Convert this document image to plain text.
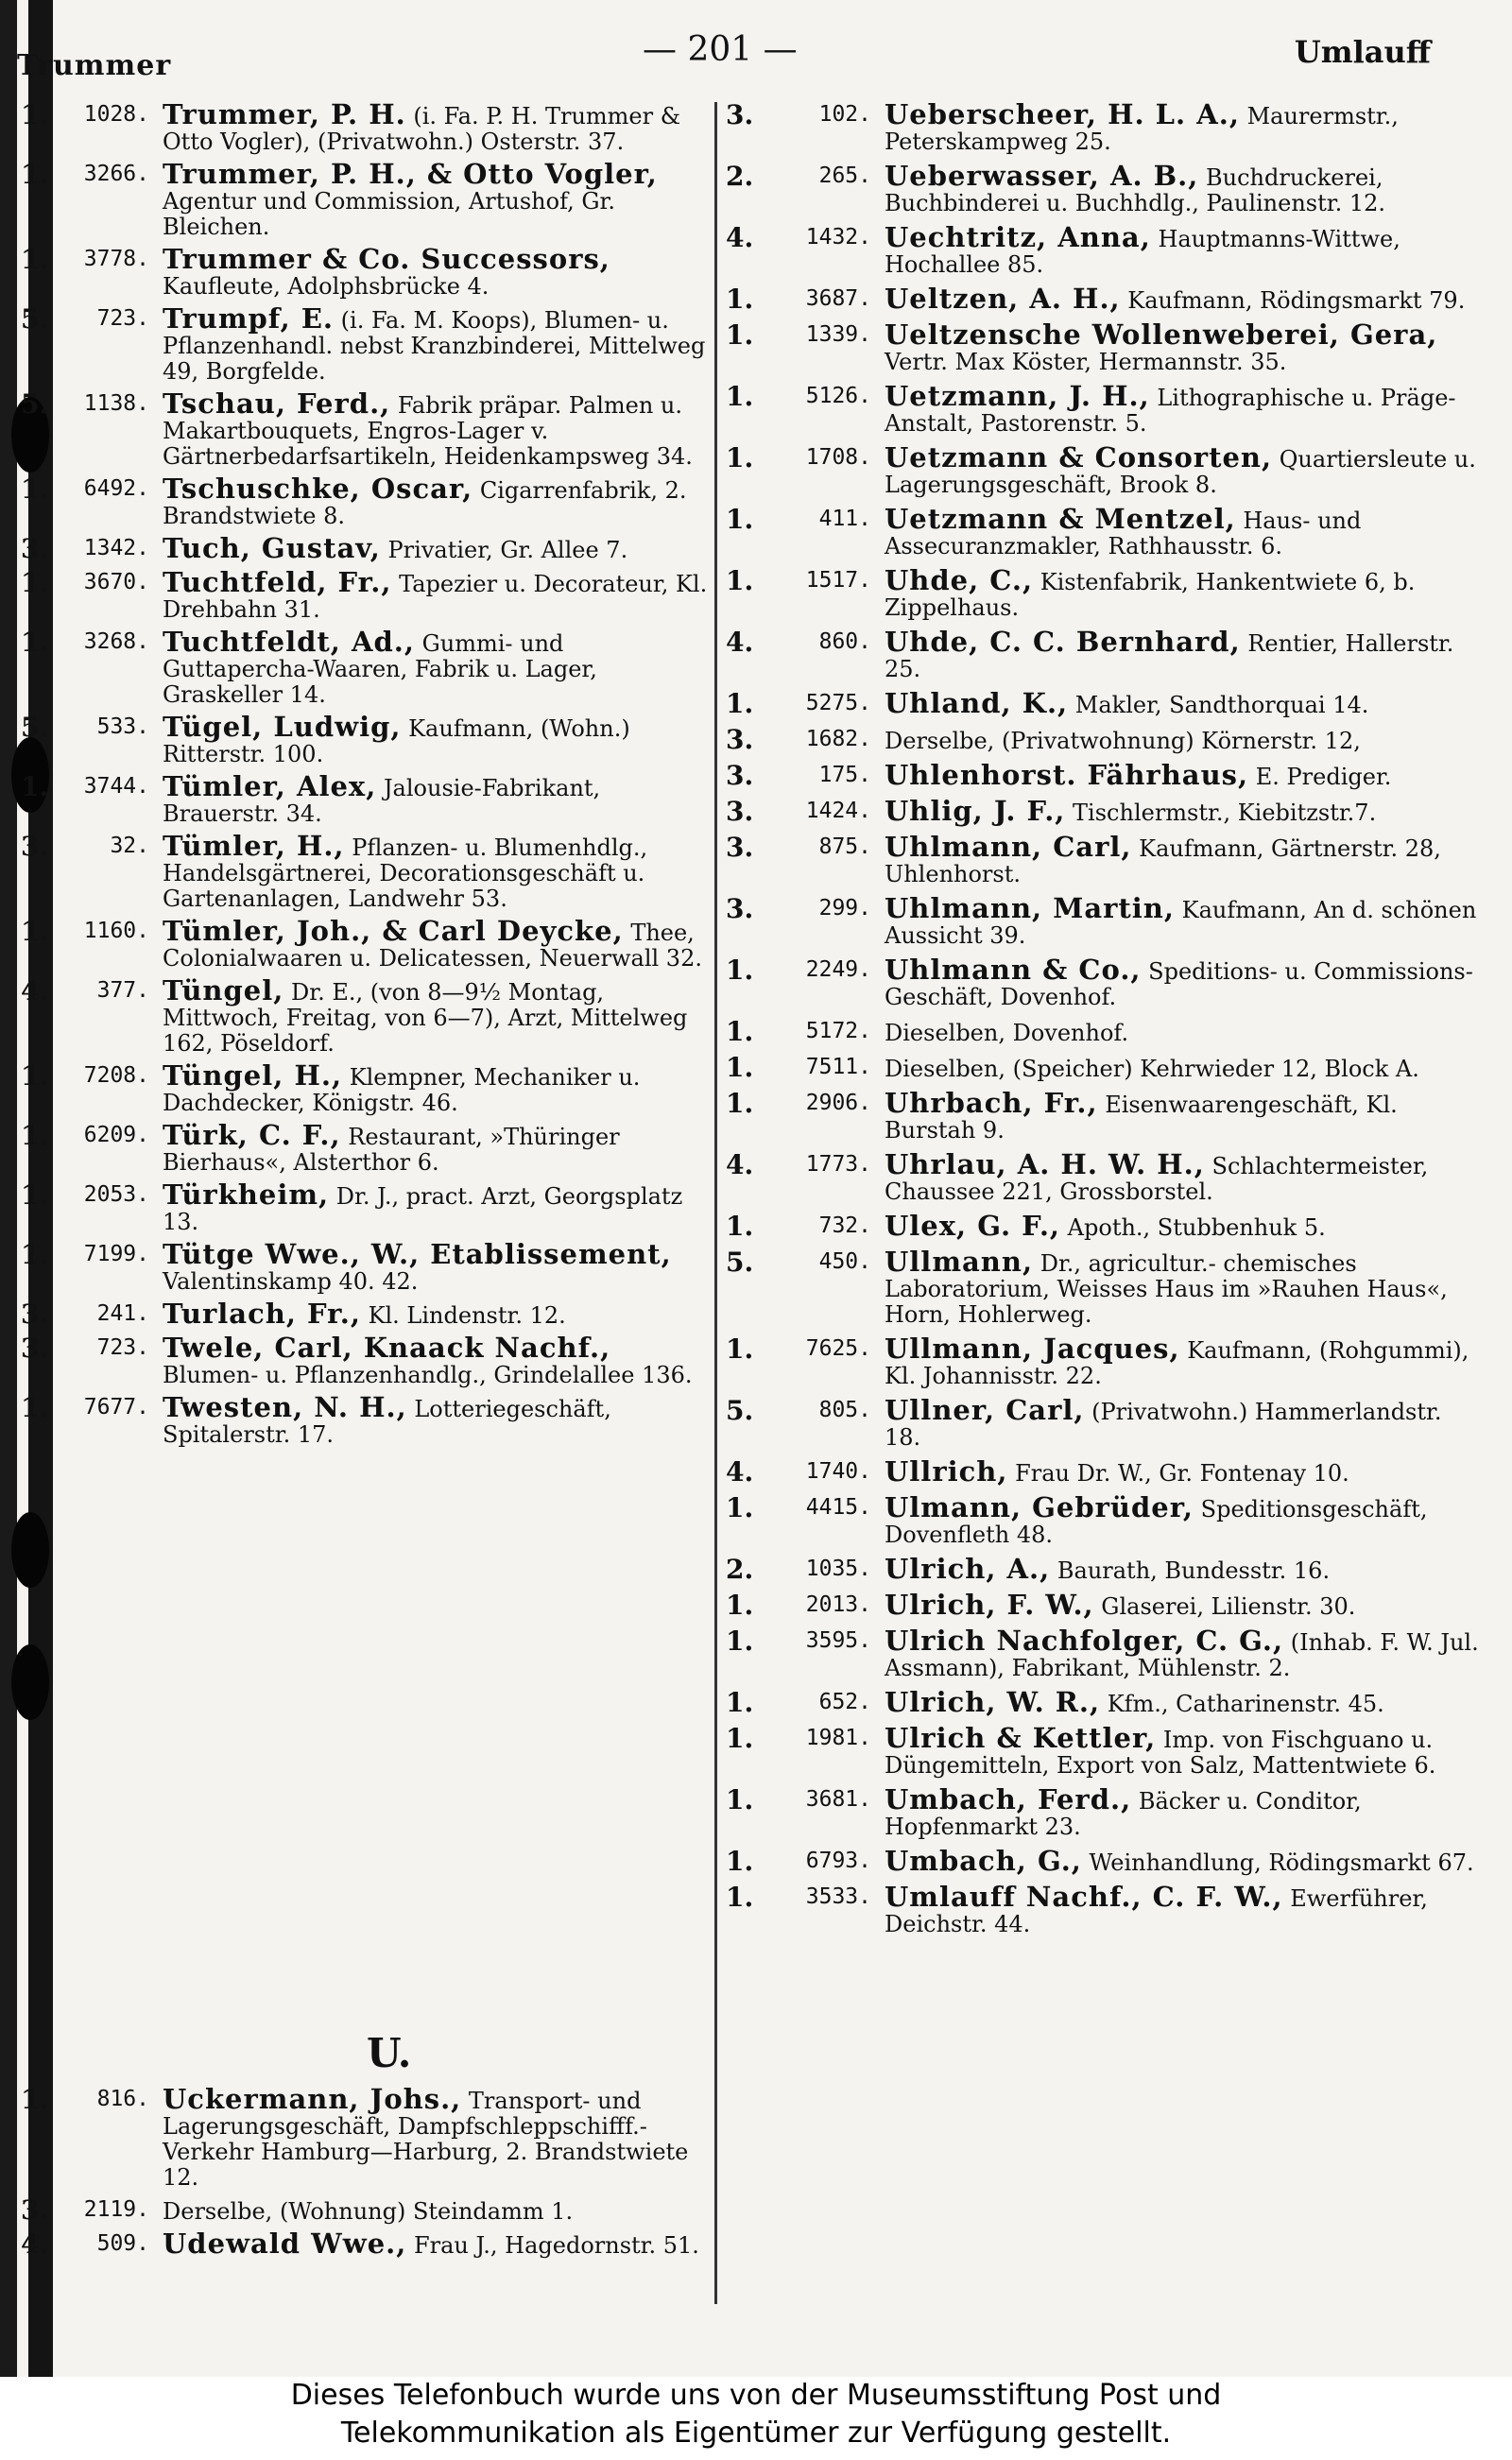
Trummer	— 201 —	Umlauff
1.	1028. Trummer, P. H. (i. Fa. P. H. Trummer & Otto Vogler), (Privatwohn.) Osterstr. 37.
1.	3266. Trummer, P. H., & Otto Vogler, Agentur und Commission, Artushof, Gr. Bleichen.
1.	3778. Trummer & Co. Successors, Kaufleute, Adolphsbrücke 4.
5.	723. Trumpf, E. (i. Fa. M. Koops), Blumen- u. Pflanzenhandl. nebst Kranzbinderei, Mittelweg 49, Borgfelde.
5.	1138. Tschau, Ferd., Fabrik präpar. Palmen u. Makartbouquets, Engros-Lager v. Gärtnerbedarfsartikeln, Heidenkampsweg 34.
1.	6492. Tschuschke, Oscar, Cigarrenfabrik, 2. Brandstwiete 8.
3.	1342. Tuch, Gustav, Privatier, Gr. Allee 7.
1.	3670. Tuchtfeld, Fr., Tapezier u. Decorateur, Kl. Drehbahn 31.
1.	3268. Tuchtfeldt, Ad., Gummi- und Guttapercha-Waaren, Fabrik u. Lager, Graskeller 14.
5.	533. Tügel, Ludwig, Kaufmann, (Wohn.) Ritterstr. 100.
1.	3744. Tümler, Alex, Jalousie-Fabrikant, Brauerstr. 34.
3.	32. Tümler, H., Pflanzen- u. Blumenhdlg., Handelsgärtnerei, Decorationsgeschäft u. Gartenanlagen, Landwehr 53.
1.	1160. Tümler, Joh., & Carl Deycke, Thee, Colonialwaaren u. Delicatessen, Neuerwall 32.
4.	377. Tüngel, Dr. E., (von 8—9½ Montag, Mittwoch, Freitag, von 6—7), Arzt, Mittelweg 162, Pöseldorf.
1.	7208. Tüngel, H., Klempner, Mechaniker u. Dachdecker, Königstr. 46.
1.	6209. Türk, C. F., Restaurant, »Thüringer Bierhaus«, Alsterthor 6.
1.	2053. Türkheim, Dr. J., pract. Arzt, Georgsplatz 13.
1.	7199. Tütge Wwe., W., Etablissement, Valentinskamp 40. 42.
3.	241. Turlach, Fr., Kl. Lindenstr. 12.
3.	723. Twele, Carl, Knaack Nachf., Blumen- u. Pflanzenhandlg., Grindelallee 136.
1.	7677. Twesten, N. H., Lotteriegeschäft, Spitalerstr. 17.
U.
1.	816. Uckermann, Johs., Transport- und Lagerungsgeschäft, Dampfschleppschifff.-Verkehr Hamburg—Harburg, 2. Brandstwiete 12.
3.	2119. Derselbe, (Wohnung) Steindamm 1.
4.	509. Udewald Wwe., Frau J., Hagedornstr. 51.
3.	102. Ueberscheer, H. L. A., Maurermstr., Peterskampweg 25.
2.	265. Ueberwasser, A. B., Buchdruckerei, Buchbinderei u. Buchhdlg., Paulinenstr. 12.
4.	1432. Uechtritz, Anna, Hauptmanns-Wittwe, Hochallee 85.
1.	3687. Ueltzen, A. H., Kaufmann, Rödingsmarkt 79.
1.	1339. Ueltzensche Wollenweberei, Gera, Vertr. Max Köster, Hermannstr. 35.
1.	5126. Uetzmann, J. H., Lithographische u. Präge-Anstalt, Pastorenstr. 5.
1.	1708. Uetzmann & Consorten, Quartiersleute u. Lagerungsgeschäft, Brook 8.
1.	411. Uetzmann & Mentzel, Haus- und Assecuranzmakler, Rathhausstr. 6.
1.	1517. Uhde, C., Kistenfabrik, Hankentwiete 6, b. Zippelhaus.
4.	860. Uhde, C. C. Bernhard, Rentier, Hallerstr. 25.
1.	5275. Uhland, K., Makler, Sandthorquai 14.
3.	1682. Derselbe, (Privatwohnung) Körnerstr. 12,
3.	175. Uhlenhorst. Fährhaus, E. Prediger.
3.	1424. Uhlig, J. F., Tischlermstr., Kiebitzstr.7.
3.	875. Uhlmann, Carl, Kaufmann, Gärtnerstr. 28, Uhlenhorst.
3.	299. Uhlmann, Martin, Kaufmann, An d. schönen Aussicht 39.
1.	2249. Uhlmann & Co., Speditions- u. Commissions-Geschäft, Dovenhof.
1.	5172. Dieselben, Dovenhof.
1.	7511. Dieselben, (Speicher) Kehrwieder 12, Block A.
1.	2906. Uhrbach, Fr., Eisenwaarengeschäft, Kl. Burstah 9.
4.	1773. Uhrlau, A. H. W. H., Schlachtermeister, Chaussee 221, Grossborstel.
1.	732. Ulex, G. F., Apoth., Stubbenhuk 5.
5.	450. Ullmann, Dr., agricultur.- chemisches Laboratorium, Weisses Haus im »Rauhen Haus«, Horn, Hohlerweg.
1.	7625. Ullmann, Jacques, Kaufmann, (Rohgummi), Kl. Johannisstr. 22.
5.	805. Ullner, Carl, (Privatwohn.) Hammerlandstr. 18.
4.	1740. Ullrich, Frau Dr. W., Gr. Fontenay 10.
1.	4415. Ulmann, Gebrüder, Speditionsgeschäft, Dovenfleth 48.
2.	1035. Ulrich, A., Baurath, Bundesstr. 16.
1.	2013. Ulrich, F. W., Glaserei, Lilienstr. 30.
1.	3595. Ulrich Nachfolger, C. G., (Inhab. F. W. Jul. Assmann), Fabrikant, Mühlenstr. 2.
1.	652. Ulrich, W. R., Kfm., Catharinenstr. 45.
1.	1981. Ulrich & Kettler, Imp. von Fischguano u. Düngemitteln, Export von Salz, Mattentwiete 6.
1.	3681. Umbach, Ferd., Bäcker u. Conditor, Hopfenmarkt 23.
1.	6793. Umbach, G., Weinhandlung, Rödingsmarkt 67.
1.	3533. Umlauff Nachf., C. F. W., Ewerführer, Deichstr. 44.
Dieses Telefonbuch wurde uns von der Museumsstiftung Post und
Telekommunikation als Eigentümer zur Verfügung gestellt.
